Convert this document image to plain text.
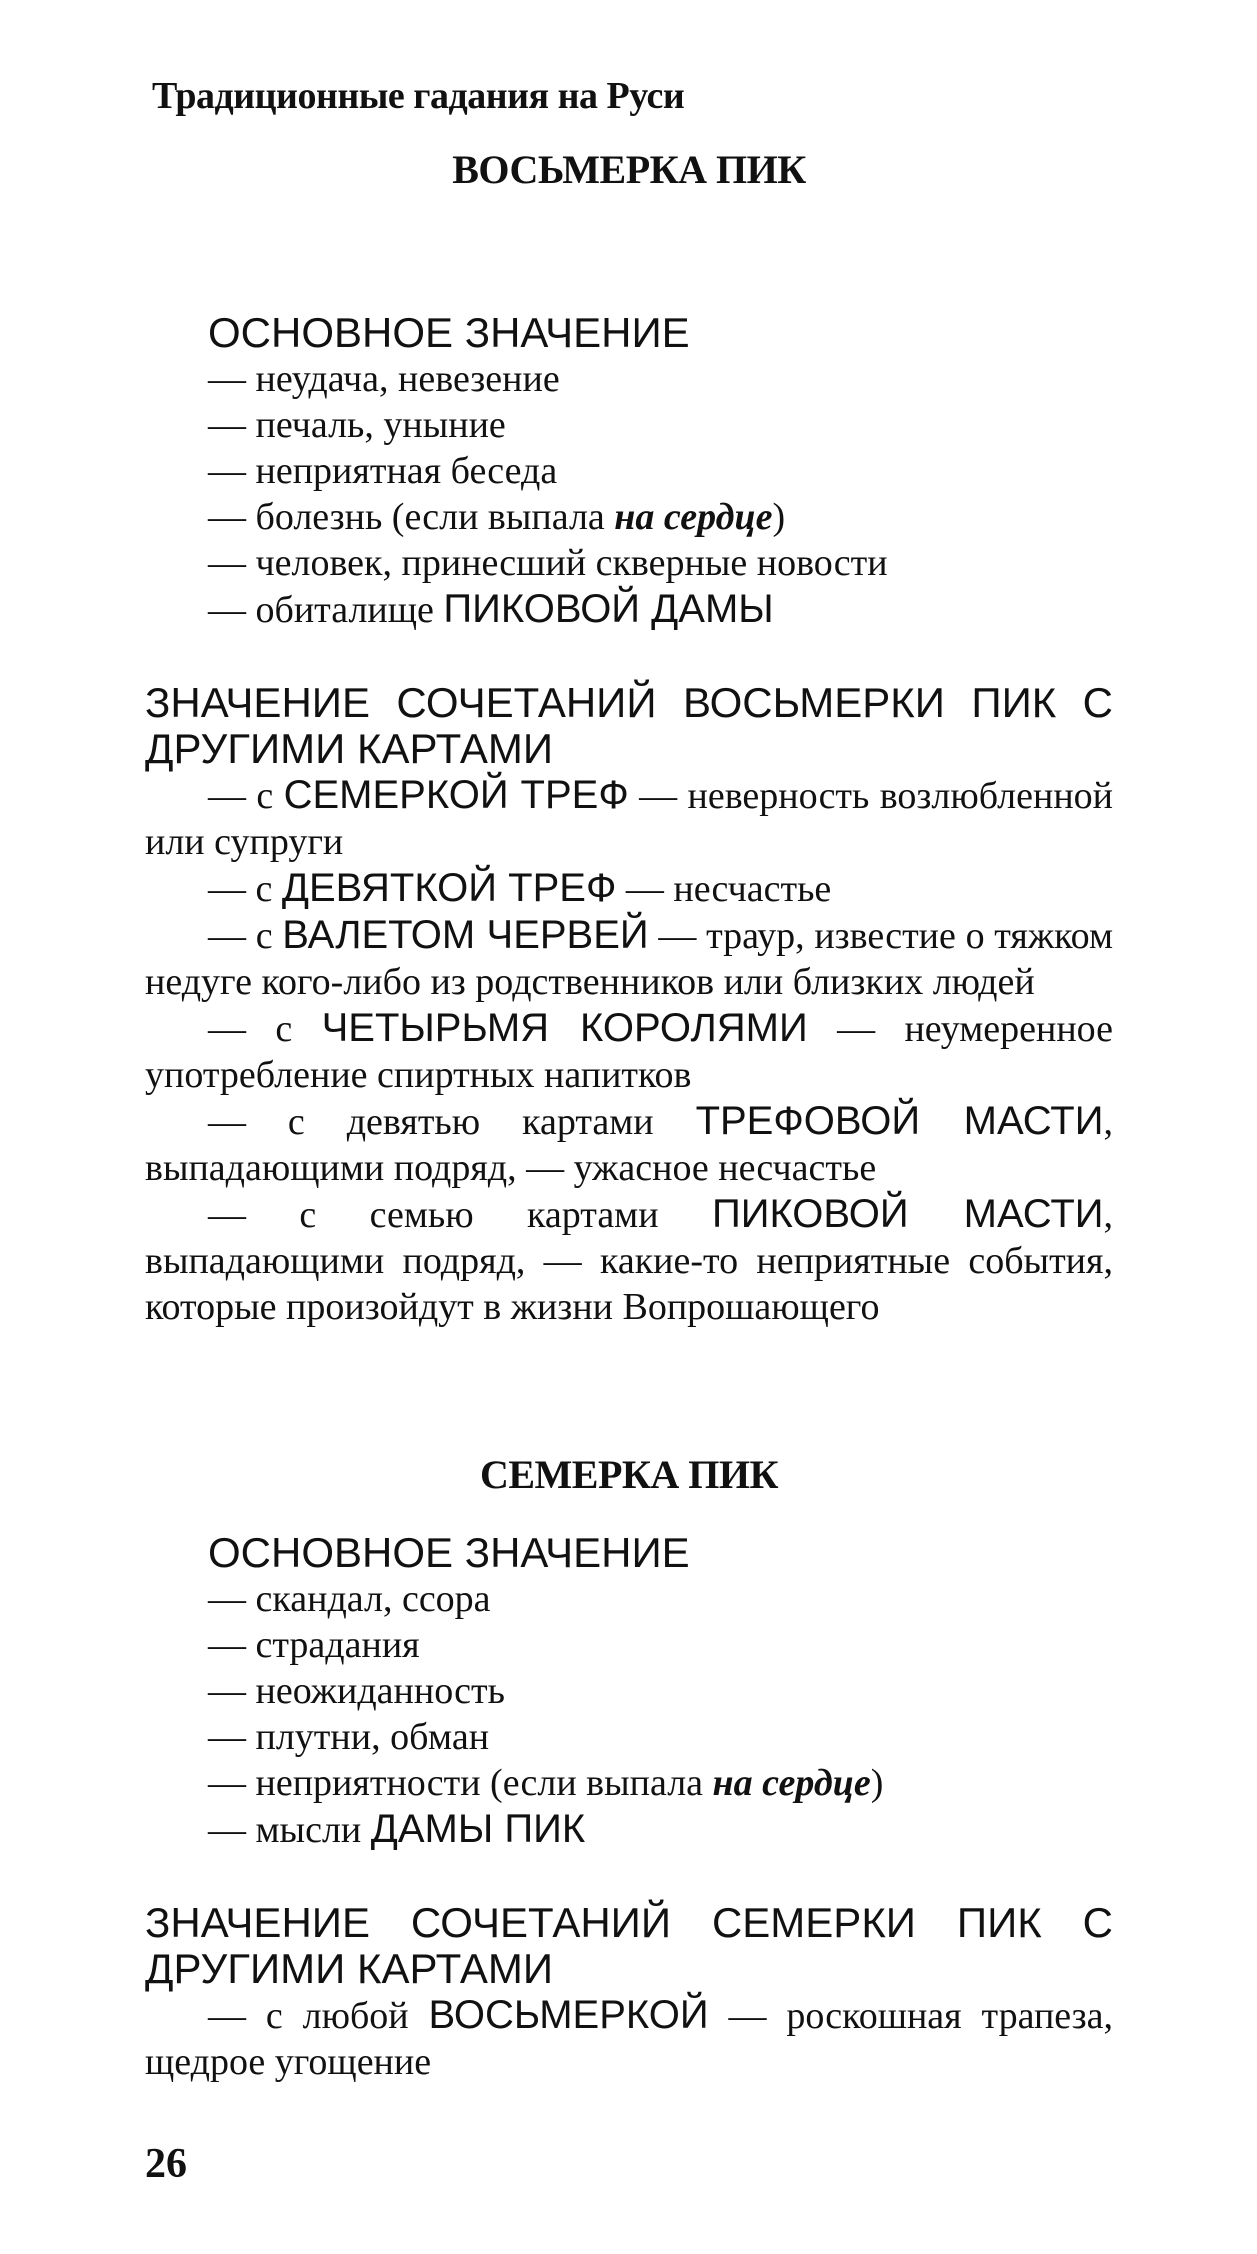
Традиционные гадания на Руси
ВОСЬМЕРКА ПИК
ОСНОВНОЕ ЗНАЧЕНИЕ
— неудача, невезение
— печаль, уныние
— неприятная беседа
— болезнь (если выпала на сердце)
— человек, принесший скверные новости
— обиталище ПИКОВОЙ ДАМЫ
ЗНАЧЕНИЕ СОЧЕТАНИЙ ВОСЬМЕРКИ ПИК С ДРУГИМИ КАРТАМИ

— с СЕМЕРКОЙ ТРЕФ — неверность возлюбленной или супруги

— с ДЕВЯТКОЙ ТРЕФ — несчастье

— с ВАЛЕТОМ ЧЕРВЕЙ — траур, известие о тяжком недуге кого-либо из родственников или близких людей

— с ЧЕТЫРЬМЯ КОРОЛЯМИ — неумеренное употребление спиртных напитков

— с девятью картами ТРЕФОВОЙ МАСТИ, выпадающими подряд, — ужасное несчастье

— с семью картами ПИКОВОЙ МАСТИ, выпадающими подряд, — какие-то неприятные события, которые произойдут в жизни Вопрошающего

СЕМЕРКА ПИК
ОСНОВНОЕ ЗНАЧЕНИЕ
— скандал, ссора
— страдания
— неожиданность
— плутни, обман
— неприятности (если выпала на сердце)
— мысли ДАМЫ ПИК
ЗНАЧЕНИЕ СОЧЕТАНИЙ СЕМЕРКИ ПИК С ДРУГИМИ КАРТАМИ

— с любой ВОСЬМЕРКОЙ — роскошная трапеза, щедрое угощение

26
